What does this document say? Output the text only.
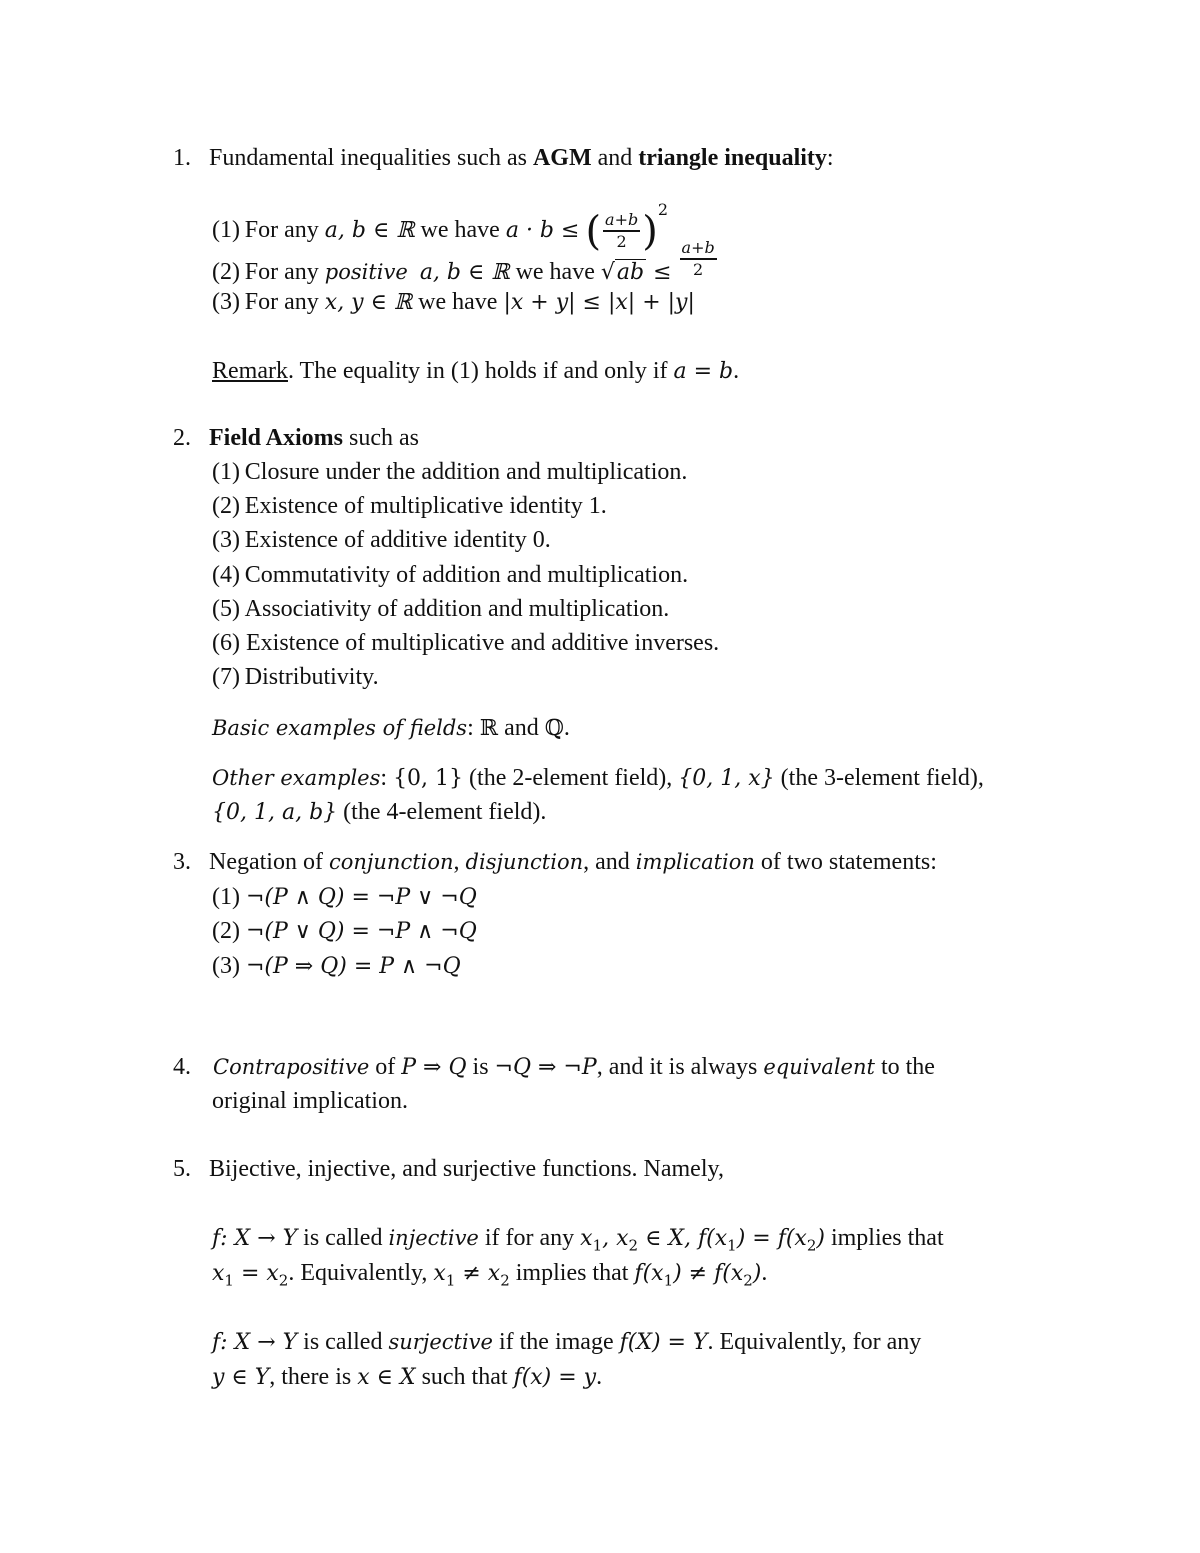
1. Fundamental inequalities such as AGM and triangle inequality:
(1) For any a, b ∈ ℝ we have a · b ≤ ( $\frac{a+b}{2} )^2$
(2) For any positive a, b ∈ ℝ we have $√ab \le \frac{a+b}{2}$
(3) For any x, y ∈ ℝ we have |x + y| ≤ |x| + |y|
Remark. The equality in (1) holds if and only if a = b.
2. Field Axioms such as
(1) Closure under the addition and multiplication.
(2) Existence of multiplicative identity 1.
(3) Existence of additive identity 0.
(4) Commutativity of addition and multiplication.
(5) Associativity of addition and multiplication.
(6) Existence of multiplicative and additive inverses.
(7) Distributivity.
Basic examples of fields: ℝ and ℚ.
Other examples: {0, 1} (the 2-element field), {0, 1, x} (the 3-element field),
{0, 1, a, b} (the 4-element field).
3. Negation of conjunction, disjunction, and implication of two statements:
(1) ¬(P ∧ Q) = ¬P ∨ ¬Q
(2) ¬(P ∨ Q) = ¬P ∧ ¬Q
(3) ¬(P ⇒ Q) = P ∧ ¬Q
4. Contrapositive of P ⇒ Q is ¬Q ⇒ ¬P, and it is always equivalent to the
original implication.
5. Bijective, injective, and surjective functions. Namely,
f: X → Y is called injective if for any $x_1$, $x_2$ ∈ X, $f(x_1) = f(x_2)$ implies that
$x_1 = x_2$. Equivalently, $x_1 \ne x_2$ implies that $f(x_1) \ne f(x_2)$.
f: X → Y is called surjective if the image f(X) = Y. Equivalently, for any
y ∈ Y, there is x ∈ X such that f(x) = y.
